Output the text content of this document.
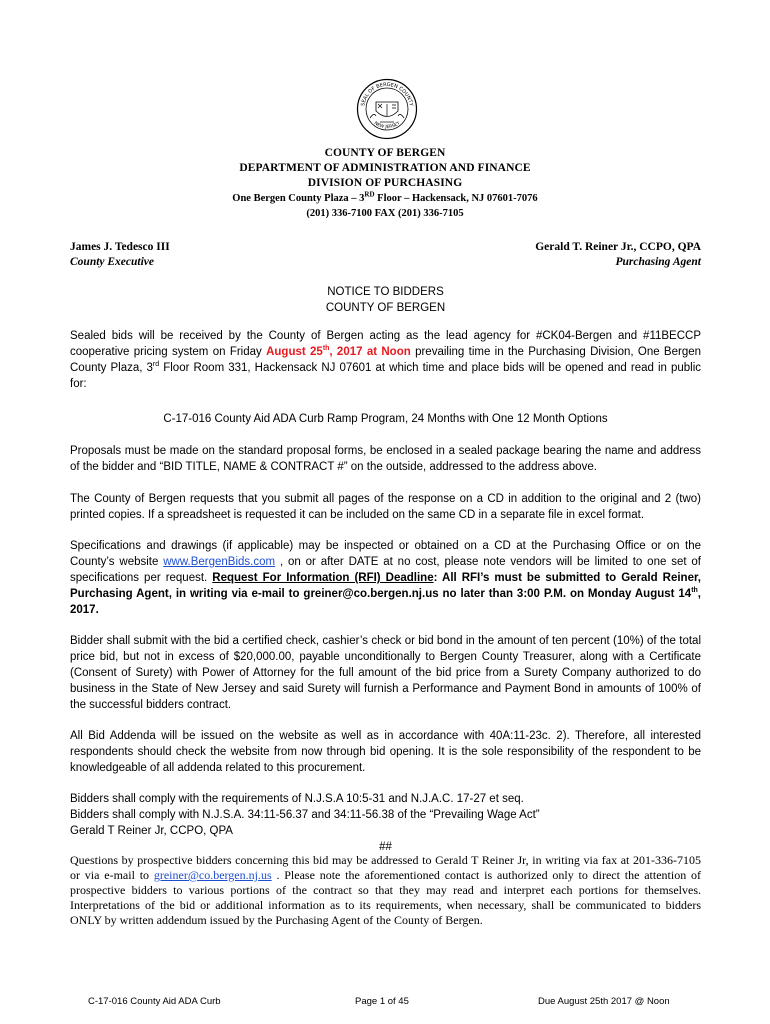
SEAL OF BERGEN COUNTY
NEW JERSEY
COUNTY OF BERGEN
DEPARTMENT OF ADMINISTRATION AND FINANCE
DIVISION OF PURCHASING
One Bergen County Plaza – 3RD Floor – Hackensack, NJ 07601-7076
(201) 336-7100 FAX (201) 336-7105
James J. Tedesco III
County Executive
Gerald T. Reiner Jr., CCPO, QPA
Purchasing Agent
NOTICE TO BIDDERS
COUNTY OF BERGEN
Sealed bids will be received by the County of Bergen acting as the lead agency for #CK04-Bergen and #11BECCP cooperative pricing system on Friday August 25th, 2017 at Noon prevailing time in the Purchasing Division, One Bergen County Plaza, 3rd Floor Room 331, Hackensack NJ 07601 at which time and place bids will be opened and read in public for:
C-17-016 County Aid ADA Curb Ramp Program, 24 Months with One 12 Month Options
Proposals must be made on the standard proposal forms, be enclosed in a sealed package bearing the name and address of the bidder and “BID TITLE, NAME & CONTRACT #” on the outside, addressed to the address above.
The County of Bergen requests that you submit all pages of the response on a CD in addition to the original and 2 (two) printed copies. If a spreadsheet is requested it can be included on the same CD in a separate file in excel format.
Specifications and drawings (if applicable) may be inspected or obtained on a CD at the Purchasing Office or on the County’s website www.BergenBids.com , on or after DATE at no cost, please note vendors will be limited to one set of specifications per request. Request For Information (RFI) Deadline: All RFI’s must be submitted to Gerald Reiner, Purchasing Agent, in writing via e-mail to greiner@co.bergen.nj.us no later than 3:00 P.M. on Monday August 14th, 2017.
Bidder shall submit with the bid a certified check, cashier’s check or bid bond in the amount of ten percent (10%) of the total price bid, but not in excess of $20,000.00, payable unconditionally to Bergen County Treasurer, along with a Certificate (Consent of Surety) with Power of Attorney for the full amount of the bid price from a Surety Company authorized to do business in the State of New Jersey and said Surety will furnish a Performance and Payment Bond in amounts of 100% of the successful bidders contract.
All Bid Addenda will be issued on the website as well as in accordance with 40A:11-23c. 2). Therefore, all interested respondents should check the website from now through bid opening. It is the sole responsibility of the respondent to be knowledgeable of all addenda related to this procurement.
Bidders shall comply with the requirements of N.J.S.A 10:5-31 and N.J.A.C. 17-27 et seq.
Bidders shall comply with N.J.S.A. 34:11-56.37 and 34:11-56.38 of the “Prevailing Wage Act”
Gerald T Reiner Jr, CCPO, QPA
##
Questions by prospective bidders concerning this bid may be addressed to Gerald T Reiner Jr, in writing via fax at 201-336-7105 or via e-mail to greiner@co.bergen.nj.us . Please note the aforementioned contact is authorized only to direct the attention of prospective bidders to various portions of the contract so that they may read and interpret each portions for themselves. Interpretations of the bid or additional information as to its requirements, when necessary, shall be communicated to bidders ONLY by written addendum issued by the Purchasing Agent of the County of Bergen.
C-17-016 County Aid ADA Curb	Page 1 of 45	Due August 25th 2017 @ Noon
